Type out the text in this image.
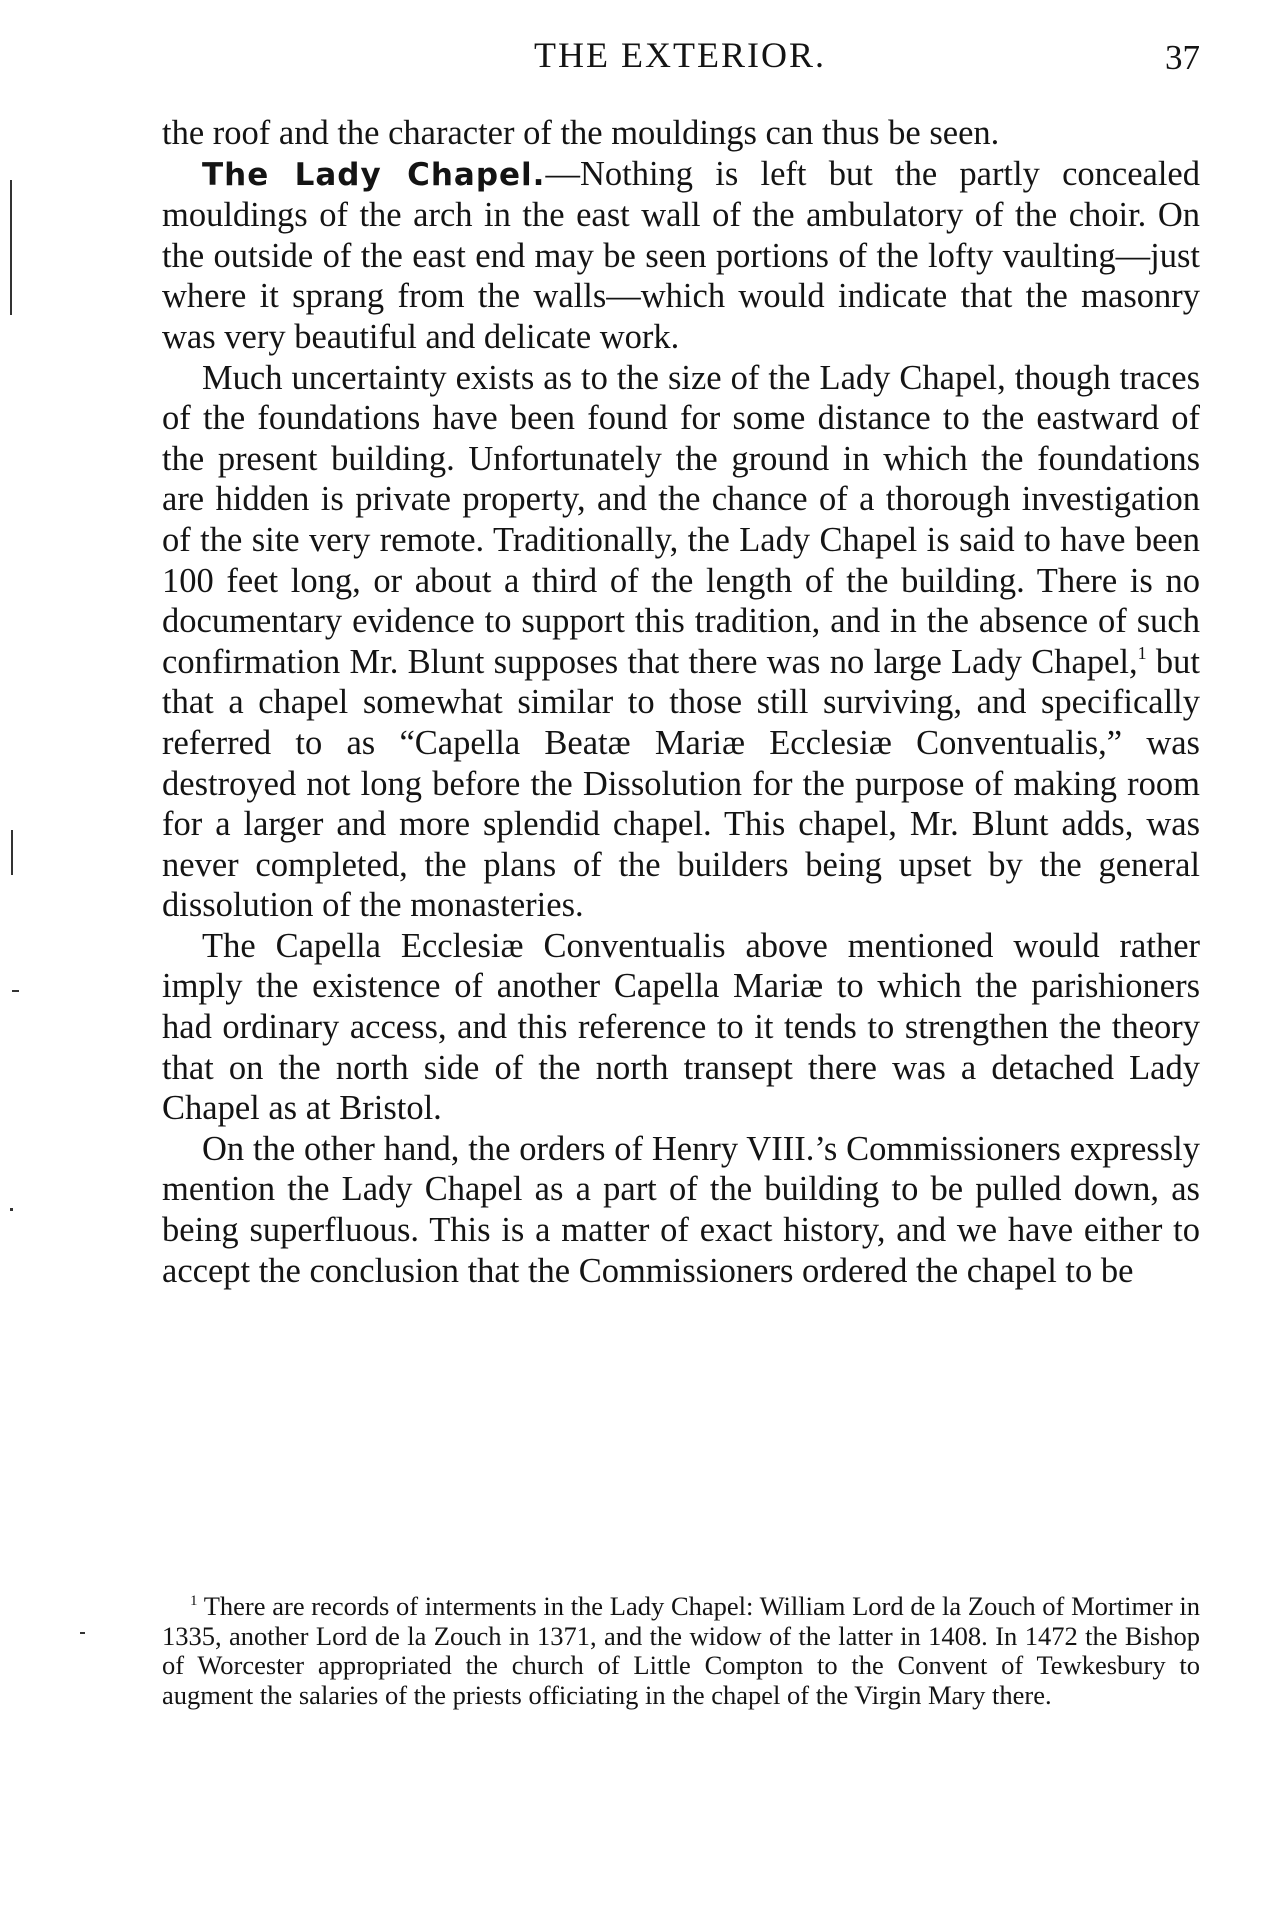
THE EXTERIOR.	37

the roof and the character of the mouldings can thus be seen.

The Lady Chapel.—Nothing is left but the partly concealed mouldings of the arch in the east wall of the ambulatory of the choir. On the outside of the east end may be seen portions of the lofty vaulting—just where it sprang from the walls—which would indicate that the masonry was very beautiful and delicate work.

Much uncertainty exists as to the size of the Lady Chapel, though traces of the foundations have been found for some distance to the eastward of the present building. Unfortunately the ground in which the foundations are hidden is private property, and the chance of a thorough investigation of the site very remote. Traditionally, the Lady Chapel is said to have been 100 feet long, or about a third of the length of the building. There is no documentary evidence to support this tradition, and in the absence of such confirmation Mr. Blunt supposes that there was no large Lady Chapel,$^1$ but that a chapel somewhat similar to those still surviving, and specifically referred to as “Capella Beatæ Mariæ Ecclesiæ Conventualis,” was destroyed not long before the Dissolution for the purpose of making room for a larger and more splendid chapel. This chapel, Mr. Blunt adds, was never completed, the plans of the builders being upset by the general dissolution of the monasteries.

The Capella Ecclesiæ Conventualis above mentioned would rather imply the existence of another Capella Mariæ to which the parishioners had ordinary access, and this reference to it tends to strengthen the theory that on the north side of the north transept there was a detached Lady Chapel as at Bristol.

On the other hand, the orders of Henry VIII.’s Commissioners expressly mention the Lady Chapel as a part of the building to be pulled down, as being superfluous. This is a matter of exact history, and we have either to accept the conclusion that the Commissioners ordered the chapel to be

$^1$ There are records of interments in the Lady Chapel: William Lord de la Zouch of Mortimer in 1335, another Lord de la Zouch in 1371, and the widow of the latter in 1408. In 1472 the Bishop of Worcester appropriated the church of Little Compton to the Convent of Tewkesbury to augment the salaries of the priests officiating in the chapel of the Virgin Mary there.
